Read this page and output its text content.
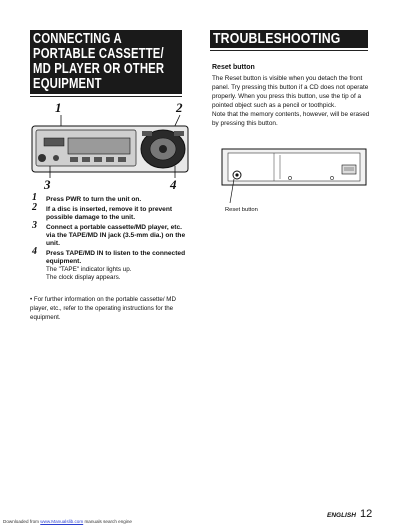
CONNECTING A
PORTABLE CASSETTE/
MD PLAYER OR OTHER
EQUIPMENT
TROUBLESHOOTING
Reset button

The Reset button is visible when you detach the front panel. Try pressing this button if a CD does not operate properly. When you press this button, use the tip of a pointed object such as a pencil or toothpick.

Note that the memory contents, however, will be erased by pressing this button.

1	2
3	4
Reset button
1 Press PWR to turn the unit on.
2 If a disc is inserted, remove it to prevent possible damage to the unit.
3 Connect a portable cassette/MD player, etc. via the TAPE/MD IN jack (3.5-mm dia.) on the unit.
4 Press TAPE/MD IN to listen to the connected equipment.
The "TAPE" indicator lights up.
The clock display appears.
• For further information on the portable cassette/ MD player, etc., refer to the operating instructions for the equipment.
ENGLISH 12
Downloaded from www.Manualslib.com manuals search engine
